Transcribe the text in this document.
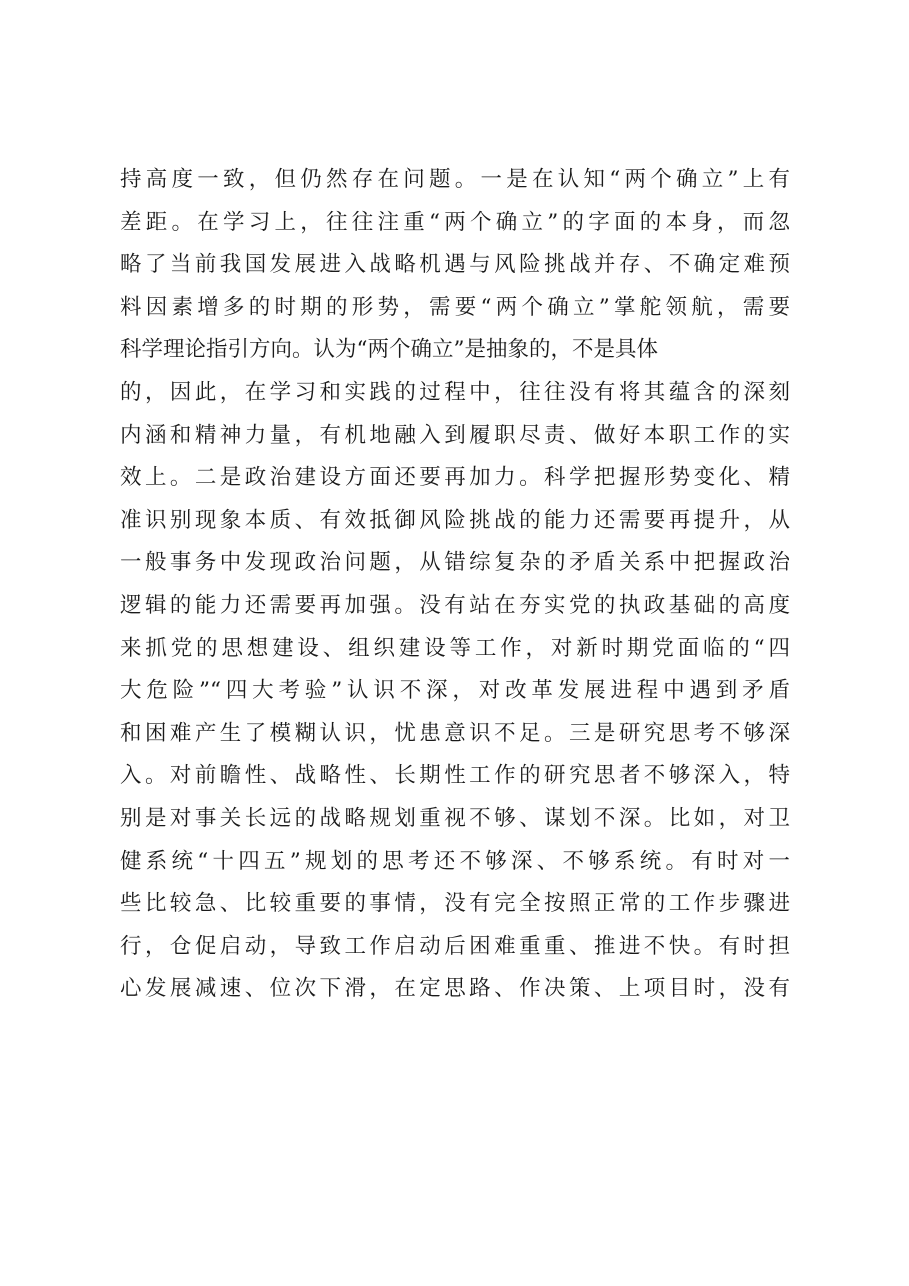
持高度一致，但仍然存在问题。一是在认知“两个确立”上有
差距。在学习上，往往注重“两个确立”的字面的本身，而忽
略了当前我国发展进入战略机遇与风险挑战并存、不确定难预
料因素增多的时期的形势，需要“两个确立”掌舵领航，需要
科学理论指引方向。认为“两个确立”是抽象的，不是具体
的，因此，在学习和实践的过程中，往往没有将其蕴含的深刻
内涵和精神力量，有机地融入到履职尽责、做好本职工作的实
效上。二是政治建设方面还要再加力。科学把握形势变化、精
准识别现象本质、有效抵御风险挑战的能力还需要再提升，从
一般事务中发现政治问题，从错综复杂的矛盾关系中把握政治
逻辑的能力还需要再加强。没有站在夯实党的执政基础的高度
来抓党的思想建设、组织建设等工作，对新时期党面临的“四
大危险”“四大考验”认识不深，对改革发展进程中遇到矛盾
和困难产生了模糊认识，忧患意识不足。三是研究思考不够深
入。对前瞻性、战略性、长期性工作的研究思者不够深入，特
别是对事关长远的战略规划重视不够、谋划不深。比如，对卫
健系统“十四五”规划的思考还不够深、不够系统。有时对一
些比较急、比较重要的事情，没有完全按照正常的工作步骤进
行，仓促启动，导致工作启动后困难重重、推进不快。有时担
心发展减速、位次下滑，在定思路、作决策、上项目时，没有
